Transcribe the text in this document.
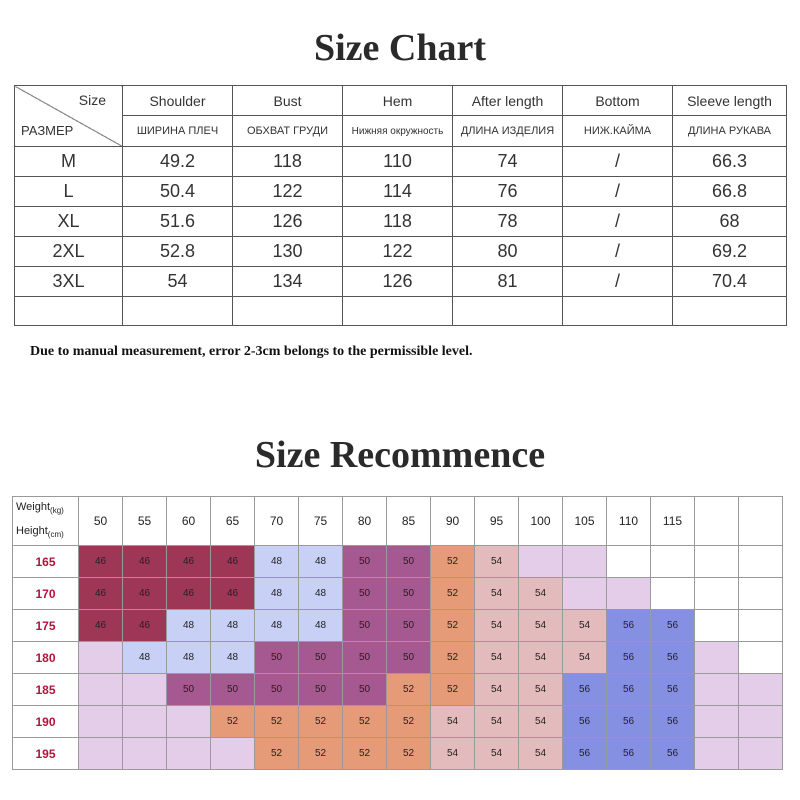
Size Chart
Size
РАЗМЕР	Shoulder	Bust	Hem	After length	Bottom	Sleeve length
	ШИРИНА ПЛЕЧ	ОБХВАТ ГРУДИ	Нижняя окружность	ДЛИНА ИЗДЕЛИЯ	НИЖ.КАЙМА	ДЛИНА РУКАВА
M	49.2	118	110	74	/	66.3
L	50.4	122	114	76	/	66.8
XL	51.6	126	118	78	/	68
2XL	52.8	130	122	80	/	69.2
3XL	54	134	126	81	/	70.4

Due to manual measurement, error 2-3cm belongs to the permissible level.
Size Recommence
Weight$_{(kg)}$
Height$_{(cm)}$	50	55	60	65	70	75	80	85	90	95	100	105	110	115		
165	46	46	46	46	48	48	50	50	52	54						
170	46	46	46	46	48	48	50	50	52	54	54					
175	46	46	48	48	48	48	50	50	52	54	54	54	56	56		
180		48	48	48	50	50	50	50	52	54	54	54	56	56		
185			50	50	50	50	50	52	52	54	54	56	56	56		
190				52	52	52	52	52	54	54	54	56	56	56		
195					52	52	52	52	54	54	54	56	56	56		
